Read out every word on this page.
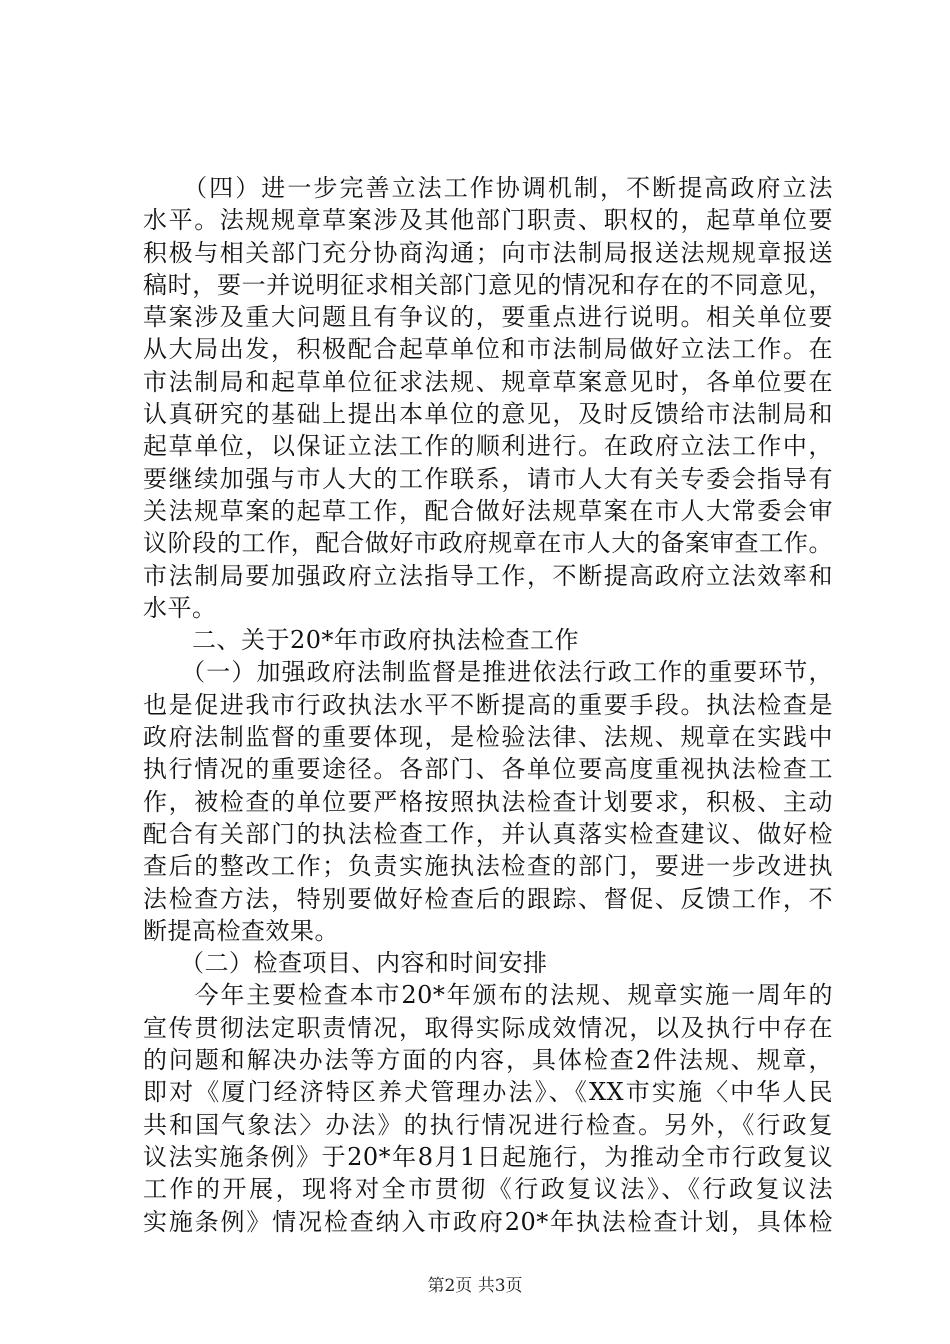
　　（四）进一步完善立法工作协调机制，不断提高政府立法
水平。法规规章草案涉及其他部门职责、职权的，起草单位要
积极与相关部门充分协商沟通；向市法制局报送法规规章报送
稿时，要一并说明征求相关部门意见的情况和存在的不同意见，
草案涉及重大问题且有争议的，要重点进行说明。相关单位要
从大局出发，积极配合起草单位和市法制局做好立法工作。在
市法制局和起草单位征求法规、规章草案意见时，各单位要在
认真研究的基础上提出本单位的意见，及时反馈给市法制局和
起草单位，以保证立法工作的顺利进行。在政府立法工作中，
要继续加强与市人大的工作联系，请市人大有关专委会指导有
关法规草案的起草工作，配合做好法规草案在市人大常委会审
议阶段的工作，配合做好市政府规章在市人大的备案审查工作。
市法制局要加强政府立法指导工作，不断提高政府立法效率和
水平。
　　二、关于20*年市政府执法检查工作
　　（一）加强政府法制监督是推进依法行政工作的重要环节，
也是促进我市行政执法水平不断提高的重要手段。执法检查是
政府法制监督的重要体现，是检验法律、法规、规章在实践中
执行情况的重要途径。各部门、各单位要高度重视执法检查工
作，被检查的单位要严格按照执法检查计划要求，积极、主动
配合有关部门的执法检查工作，并认真落实检查建议、做好检
查后的整改工作；负责实施执法检查的部门，要进一步改进执
法检查方法，特别要做好检查后的跟踪、督促、反馈工作，不
断提高检查效果。
　　（二）检查项目、内容和时间安排
　　今年主要检查本市20*年颁布的法规、规章实施一周年的
宣传贯彻法定职责情况，取得实际成效情况，以及执行中存在
的问题和解决办法等方面的内容，具体检查2件法规、规章，
即对《厦门经济特区养犬管理办法》、《XX市实施〈中华人民
共和国气象法〉办法》的执行情况进行检查。另外，《行政复
议法实施条例》于20*年8月1日起施行，为推动全市行政复议
工作的开展，现将对全市贯彻《行政复议法》、《行政复议法
实施条例》情况检查纳入市政府20*年执法检查计划，具体检
第2页 共3页
